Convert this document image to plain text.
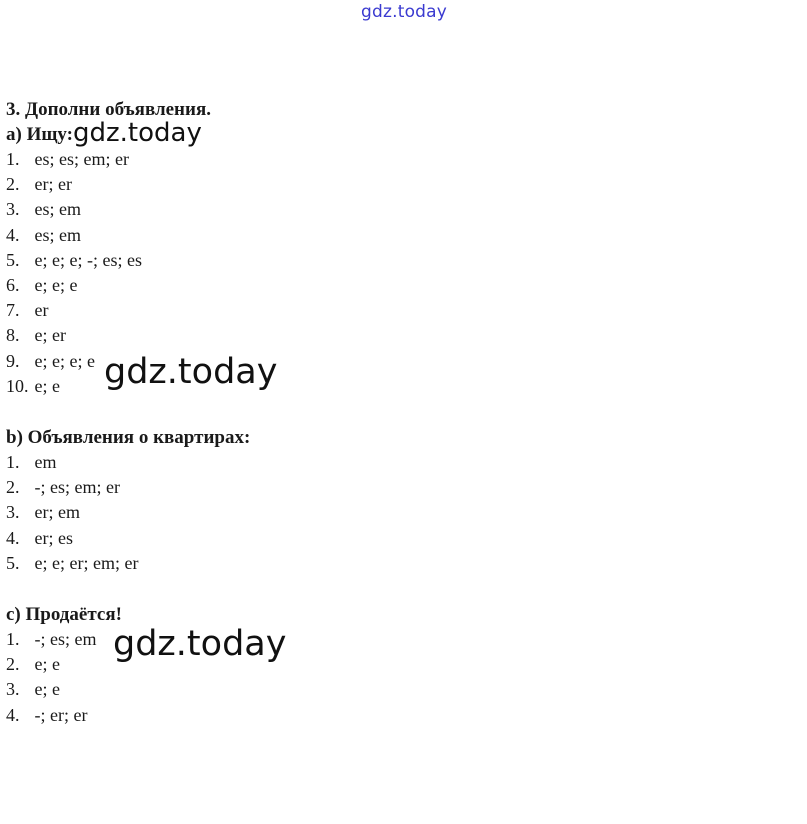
gdz.today

3. Дополни объявления.

a) Ищу:

1. es; es; em; er
2. er; er
3. es; em
4. es; em
5. e; e; e; -; es; es
6. e; e; e
7. er
8. e; er
9. e; e; e; e
10. e; e

b) Объявления о квартирах:

1. em
2. -; es; em; er
3. er; em
4. er; es
5. e; e; er; em; er

c) Продаётся!

1. -; es; em
2. e; e
3. e; e
4. -; er; er
gdz.today
gdz.today
gdz.today
